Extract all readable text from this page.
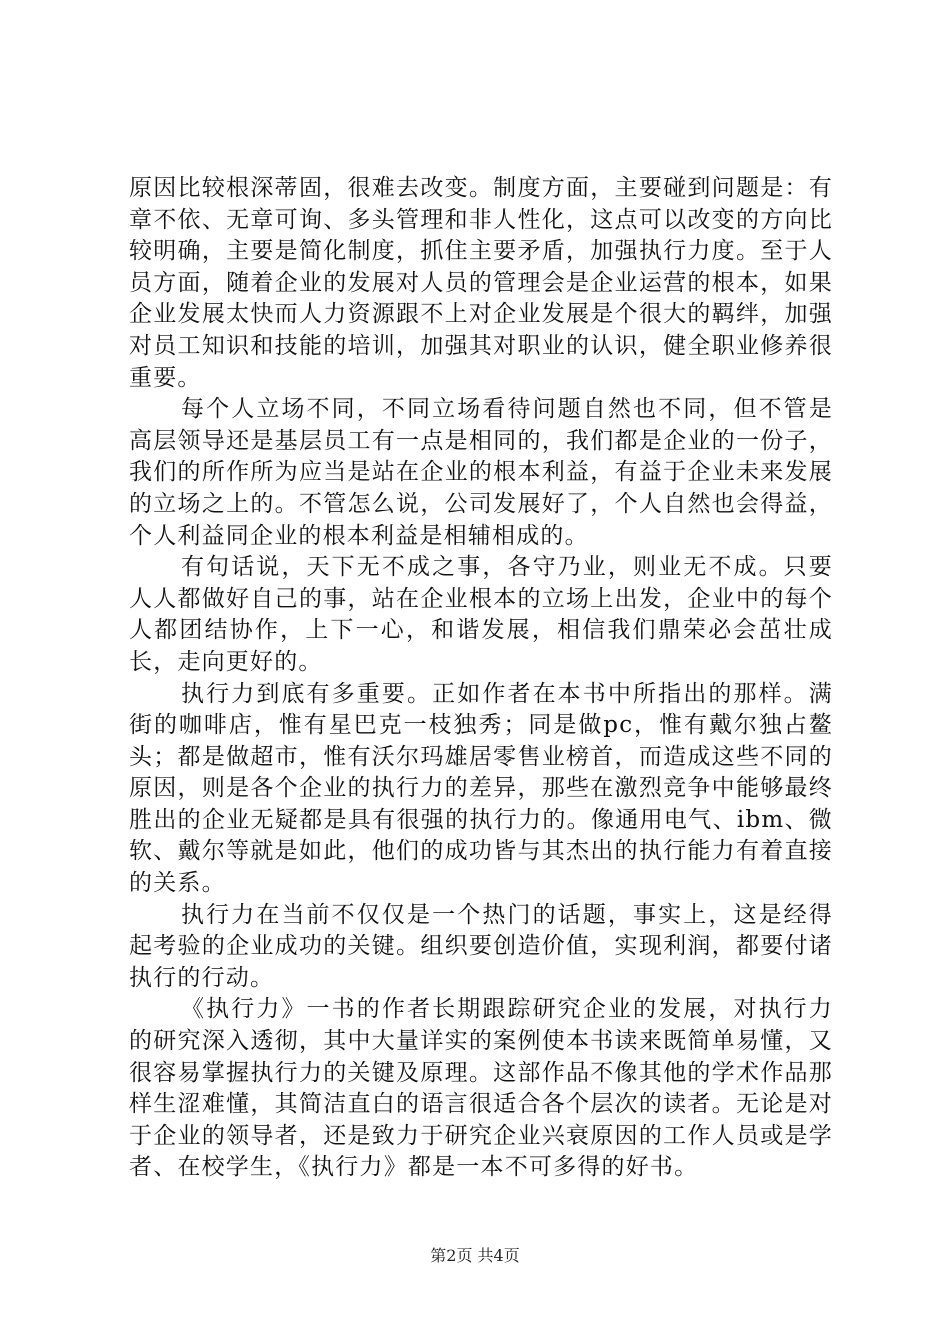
原因比较根深蒂固，很难去改变。制度方面，主要碰到问题是：有章不依、无章可询、多头管理和非人性化，这点可以改变的方向比较明确，主要是简化制度，抓住主要矛盾，加强执行力度。至于人员方面，随着企业的发展对人员的管理会是企业运营的根本，如果企业发展太快而人力资源跟不上对企业发展是个很大的羁绊，加强对员工知识和技能的培训，加强其对职业的认识，健全职业修养很重要。

每个人立场不同，不同立场看待问题自然也不同，但不管是高层领导还是基层员工有一点是相同的，我们都是企业的一份子，我们的所作所为应当是站在企业的根本利益，有益于企业未来发展的立场之上的。不管怎么说，公司发展好了，个人自然也会得益，个人利益同企业的根本利益是相辅相成的。

有句话说，天下无不成之事，各守乃业，则业无不成。只要人人都做好自己的事，站在企业根本的立场上出发，企业中的每个人都团结协作，上下一心，和谐发展，相信我们鼎荣必会茁壮成长，走向更好的。

执行力到底有多重要。正如作者在本书中所指出的那样。满街的咖啡店，惟有星巴克一枝独秀；同是做pc，惟有戴尔独占鳌头；都是做超市，惟有沃尔玛雄居零售业榜首，而造成这些不同的原因，则是各个企业的执行力的差异，那些在激烈竞争中能够最终胜出的企业无疑都是具有很强的执行力的。像通用电气、ibm、微软、戴尔等就是如此，他们的成功皆与其杰出的执行能力有着直接的关系。

执行力在当前不仅仅是一个热门的话题，事实上，这是经得起考验的企业成功的关键。组织要创造价值，实现利润，都要付诸执行的行动。

《执行力》一书的作者长期跟踪研究企业的发展，对执行力的研究深入透彻，其中大量详实的案例使本书读来既简单易懂，又很容易掌握执行力的关键及原理。这部作品不像其他的学术作品那样生涩难懂，其简洁直白的语言很适合各个层次的读者。无论是对于企业的领导者，还是致力于研究企业兴衰原因的工作人员或是学者、在校学生，《执行力》都是一本不可多得的好书。

第2页 共4页
